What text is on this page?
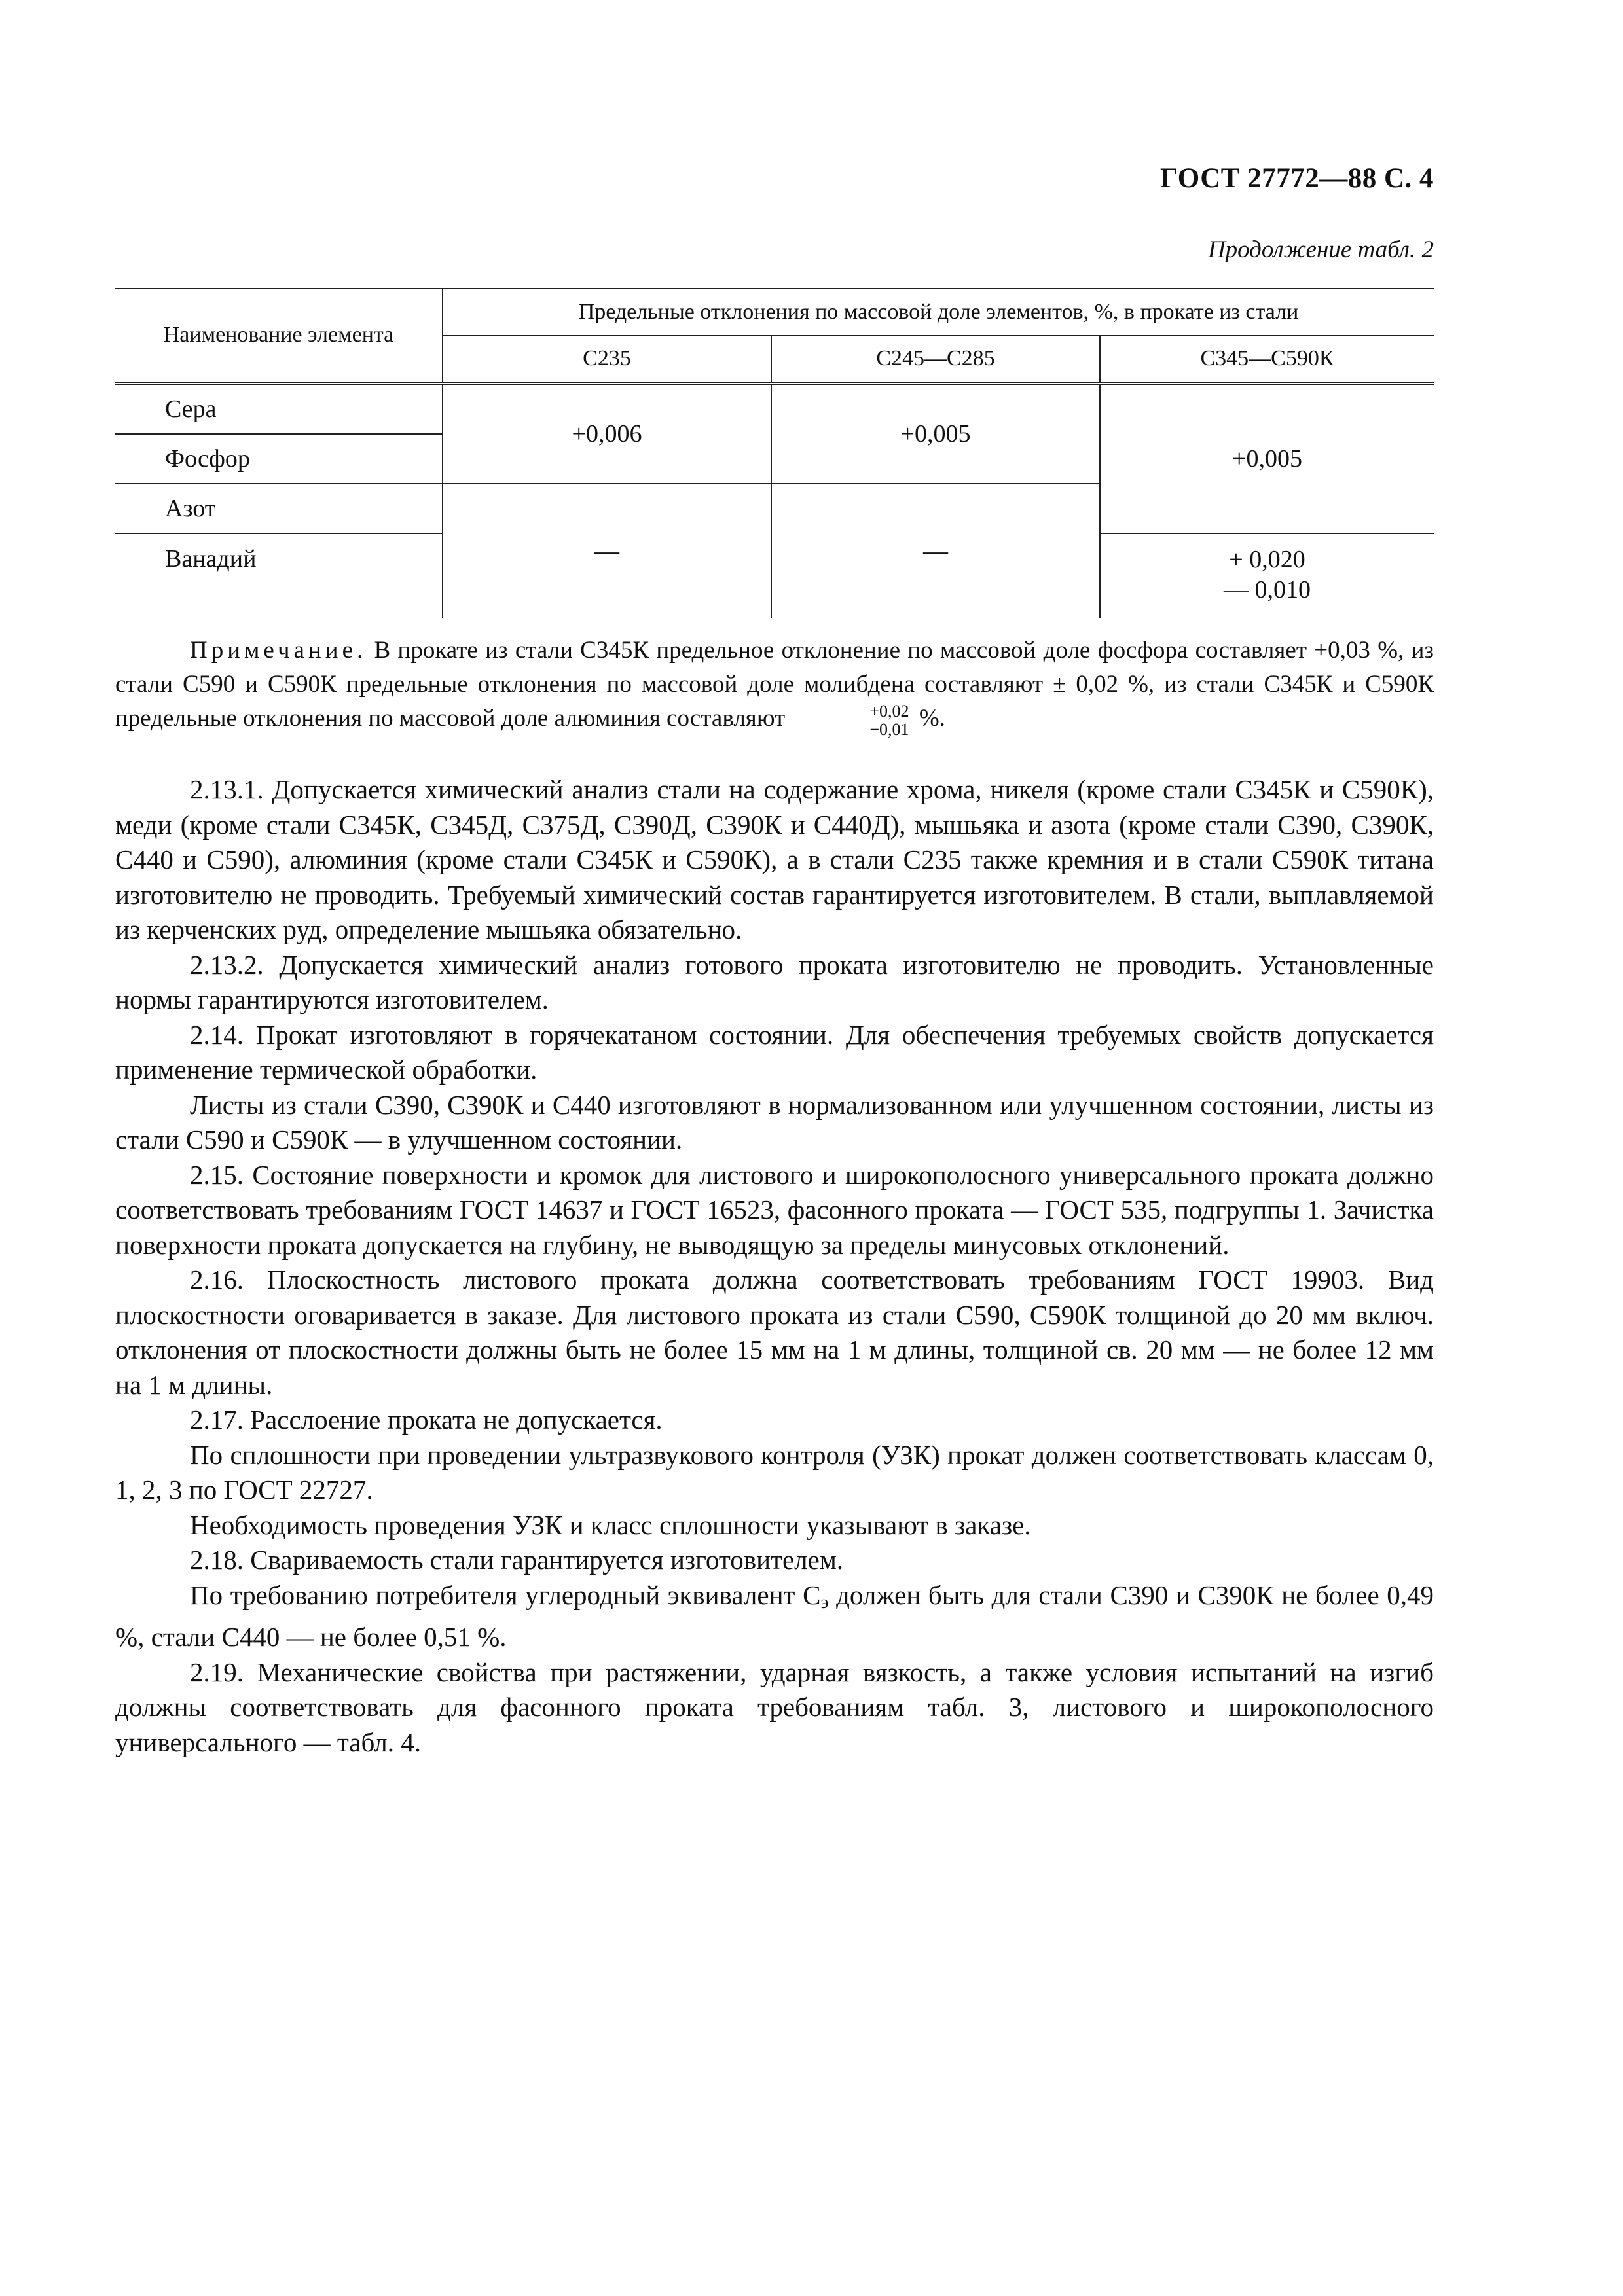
ГОСТ 27772—88 С. 4
Продолжение табл. 2
Наименование элемента	Предельные отклонения по массовой доле элементов, %, в прокате из стали		
	С235	С245—С285	С345—С590К
Сера	+0,006	+0,005	+0,005
Фосфор			
Азот	—	—	
Ванадий			+ 0,020
— 0,010

Примечание. В прокате из стали С345К предельное отклонение по массовой доле фосфора составляет +0,03 %, из стали С590 и С590К предельные отклонения по массовой доле молибдена составляют ± 0,02 %, из стали С345К и С590К предельные отклонения по массовой доле алюминия составляют	+0,02
−0,01 %.

2.13.1. Допускается химический анализ стали на содержание хрома, никеля (кроме стали С345К и С590К), меди (кроме стали С345К, С345Д, С375Д, С390Д, С390К и С440Д), мышьяка и азота (кроме стали С390, С390К, С440 и С590), алюминия (кроме стали С345К и С590К), а в стали С235 также кремния и в стали С590К титана изготовителю не проводить. Требуемый химический состав гарантируется изготовителем. В стали, выплавляемой из керченских руд, определение мышьяка обязательно.

2.13.2. Допускается химический анализ готового проката изготовителю не проводить. Установленные нормы гарантируются изготовителем.

2.14. Прокат изготовляют в горячекатаном состоянии. Для обеспечения требуемых свойств допускается применение термической обработки.

Листы из стали С390, С390К и С440 изготовляют в нормализованном или улучшенном состоянии, листы из стали С590 и С590К — в улучшенном состоянии.

2.15. Состояние поверхности и кромок для листового и широкополосного универсального проката должно соответствовать требованиям ГОСТ 14637 и ГОСТ 16523, фасонного проката — ГОСТ 535, подгруппы 1. Зачистка поверхности проката допускается на глубину, не выводящую за пределы минусовых отклонений.

2.16. Плоскостность листового проката должна соответствовать требованиям ГОСТ 19903. Вид плоскостности оговаривается в заказе. Для листового проката из стали С590, С590К толщиной до 20 мм включ. отклонения от плоскостности должны быть не более 15 мм на 1 м длины, толщиной св. 20 мм — не более 12 мм на 1 м длины.

2.17. Расслоение проката не допускается.

По сплошности при проведении ультразвукового контроля (УЗК) прокат должен соответствовать классам 0, 1, 2, 3 по ГОСТ 22727.

Необходимость проведения УЗК и класс сплошности указывают в заказе.

2.18. Свариваемость стали гарантируется изготовителем.

По требованию потребителя углеродный эквивалент Сэ должен быть для стали С390 и С390К не более 0,49 %, стали С440 — не более 0,51 %.

2.19. Механические свойства при растяжении, ударная вязкость, а также условия испытаний на изгиб должны соответствовать для фасонного проката требованиям табл. 3, листового и широкополосного универсального — табл. 4.
